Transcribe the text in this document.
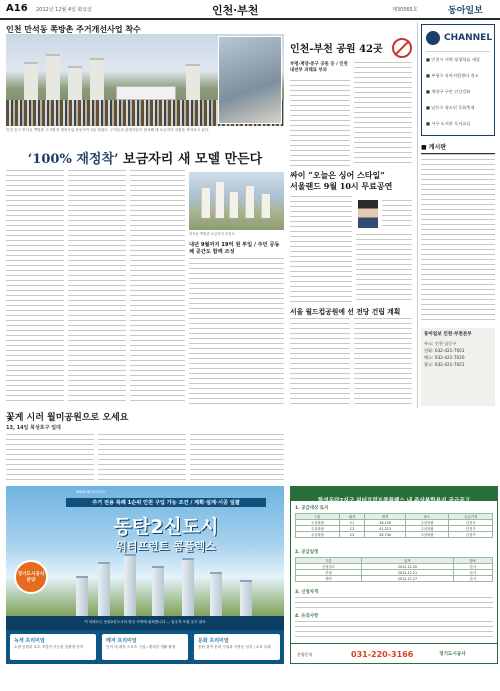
A16 2012년 12월 4일 화요일	인천·부천	제30565호	동아일보
인천 만석동 쪽방촌 주거개선사업 착수
인천 동구 만석동 쪽방촌 주거환경 개선사업 착공식이 3일 열렸다. 주민들과 관계자들이 참석해 새 보금자리 건립을 축하하고 있다.
‘100% 재정착’ 보금자리 새 모델 만든다
만석동 쪽방촌 보금자리 조감도
내년 9월까지 19억 원 투입 / 주민 공동체 공간도 함께 조성
인천-부천 공원 42곳
부평·계양·중구 공원 등 / 인천 내년부 과태료 부과
싸이 “오늘은 싱어 스타일”
서울랜드 9월 10시 무료공연
서울 월드컵공원에 선 전당 건립 계획
CHANNEL
■ 인천시 지역 평생학습 개설
■ 부평구 육아지원센터 개소
■ 계양구 구민 건강강좌
■ 남동구 청소년 문화축제
■ 서구 도서관 독서교실
■ 게시판
동아일보 인천·부천본부
주소: 인천 남동구
전화: 032-421-7001
팩스: 032-421-7020
광고: 032-421-7021
꽃게 시러 월미공원으로 오세요
13, 14일 북성포구 일대
www.gico.or.kr
주거 전용 특례 1순위 인천 구입 가능 조건 / 계획·설계·시공 일괄
동탄2신도시
워터프런트 콤플렉스
경기도시공사 분양
이 아파트는 동탄2신도시의 중심 지역에 위치합니다 — 입주자 모집 공고 참조
녹색 프리미엄
수변 공원과 호수 조망이 가능한 친환경 단지
레저 프리미엄
단지 내 레저·스포츠 시설 / 편리한 생활 환경
문화 프리미엄
동탄 광역 문화 시설과 가까운 입지 / 교육 특화
화성동탄2지구 워터프런트콤플렉스 내 주상복합용지 공급공고
1. 공급대상 토지
구분	필지	면적	용도	공급가격
주상복합	C1	36,150	주상복합	감정가
주상복합	C2	41,213	주상복합	감정가
주상복합	C3	28,740	주상복합	감정가
2. 공급일정
구분	일자	장소
신청접수	2012.12.20	본사
추첨	2012.12.21	본사
계약	2012.12.27	본사
3. 신청자격
4. 유의사항
분양문의	031-220-3166	경기도시공사
